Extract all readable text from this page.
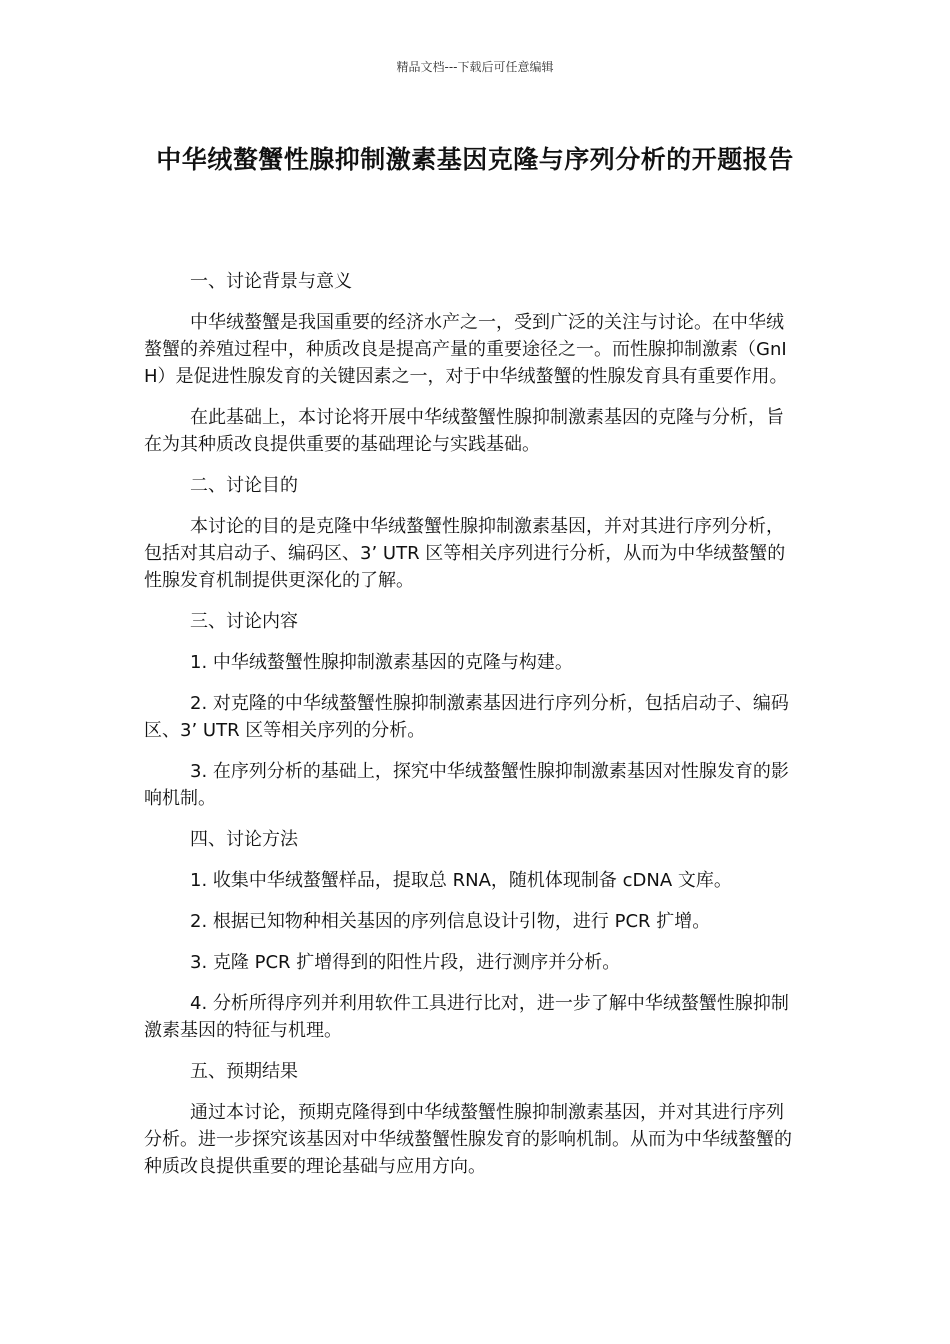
精品文档---下载后可任意编辑
中华绒螯蟹性腺抑制激素基因克隆与序列分析的开题报告

一、讨论背景与意义

中华绒螯蟹是我国重要的经济水产之一，受到广泛的关注与讨论。在中华绒螯蟹的养殖过程中，种质改良是提高产量的重要途径之一。而性腺抑制激素（GnIH）是促进性腺发育的关键因素之一，对于中华绒螯蟹的性腺发育具有重要作用。

在此基础上，本讨论将开展中华绒螯蟹性腺抑制激素基因的克隆与分析，旨在为其种质改良提供重要的基础理论与实践基础。

二、讨论目的

本讨论的目的是克隆中华绒螯蟹性腺抑制激素基因，并对其进行序列分析，包括对其启动子、编码区、3’ UTR 区等相关序列进行分析，从而为中华绒螯蟹的性腺发育机制提供更深化的了解。

三、讨论内容

1. 中华绒螯蟹性腺抑制激素基因的克隆与构建。

2. 对克隆的中华绒螯蟹性腺抑制激素基因进行序列分析，包括启动子、编码区、3’ UTR 区等相关序列的分析。

3. 在序列分析的基础上，探究中华绒螯蟹性腺抑制激素基因对性腺发育的影响机制。

四、讨论方法

1. 收集中华绒螯蟹样品，提取总 RNA，随机体现制备 cDNA 文库。

2. 根据已知物种相关基因的序列信息设计引物，进行 PCR 扩增。

3. 克隆 PCR 扩增得到的阳性片段，进行测序并分析。

4. 分析所得序列并利用软件工具进行比对，进一步了解中华绒螯蟹性腺抑制激素基因的特征与机理。

五、预期结果

通过本讨论，预期克隆得到中华绒螯蟹性腺抑制激素基因，并对其进行序列分析。进一步探究该基因对中华绒螯蟹性腺发育的影响机制。从而为中华绒螯蟹的种质改良提供重要的理论基础与应用方向。
